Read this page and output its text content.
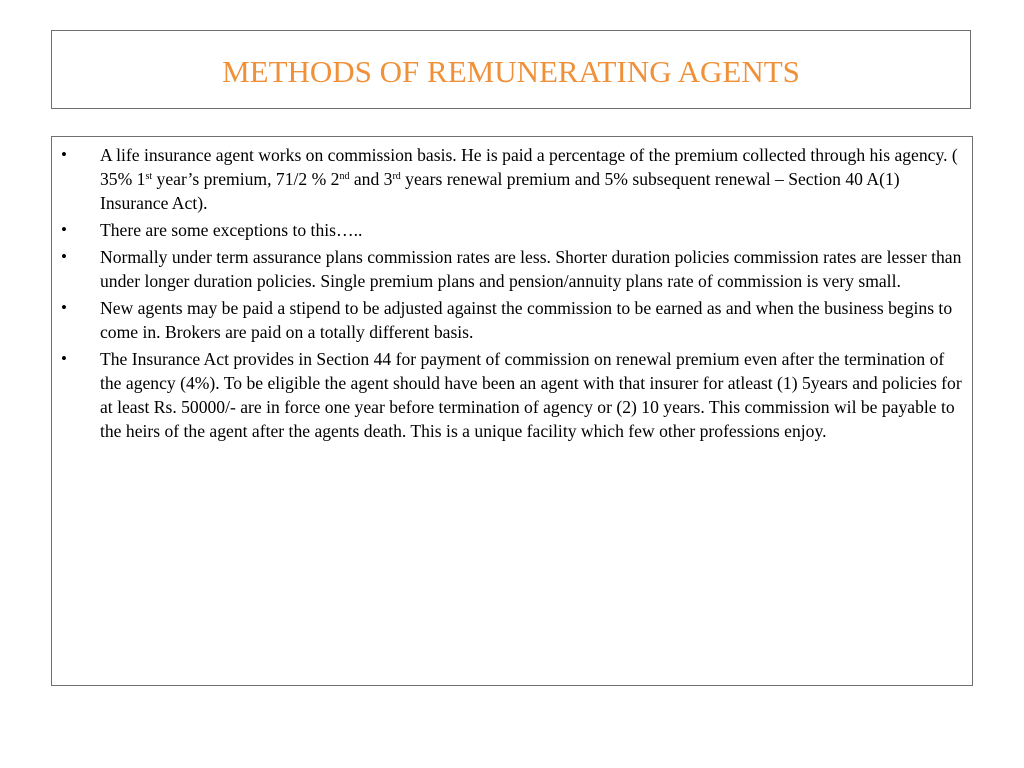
METHODS OF REMUNERATING AGENTS
• A life insurance agent works on commission basis. He is paid a percentage of the premium collected through his agency. ( 35% 1st year’s premium, 71/2 % 2nd and 3rd years renewal premium and 5% subsequent renewal – Section 40 A(1) Insurance Act).
• There are some exceptions to this…..
• Normally under term assurance plans commission rates are less. Shorter duration policies commission rates are lesser than under longer duration policies. Single premium plans and pension/annuity plans rate of commission is very small.
• New agents may be paid a stipend to be adjusted against the commission to be earned as and when the business begins to come in. Brokers are paid on a totally different basis.
• The Insurance Act provides in Section 44 for payment of commission on renewal premium even after the termination of the agency (4%). To be eligible the agent should have been an agent with that insurer for atleast (1) 5years and policies for at least Rs. 50000/- are in force one year before termination of agency or (2) 10 years. This commission wil be payable to the heirs of the agent after the agents death. This is a unique facility which few other professions enjoy.
